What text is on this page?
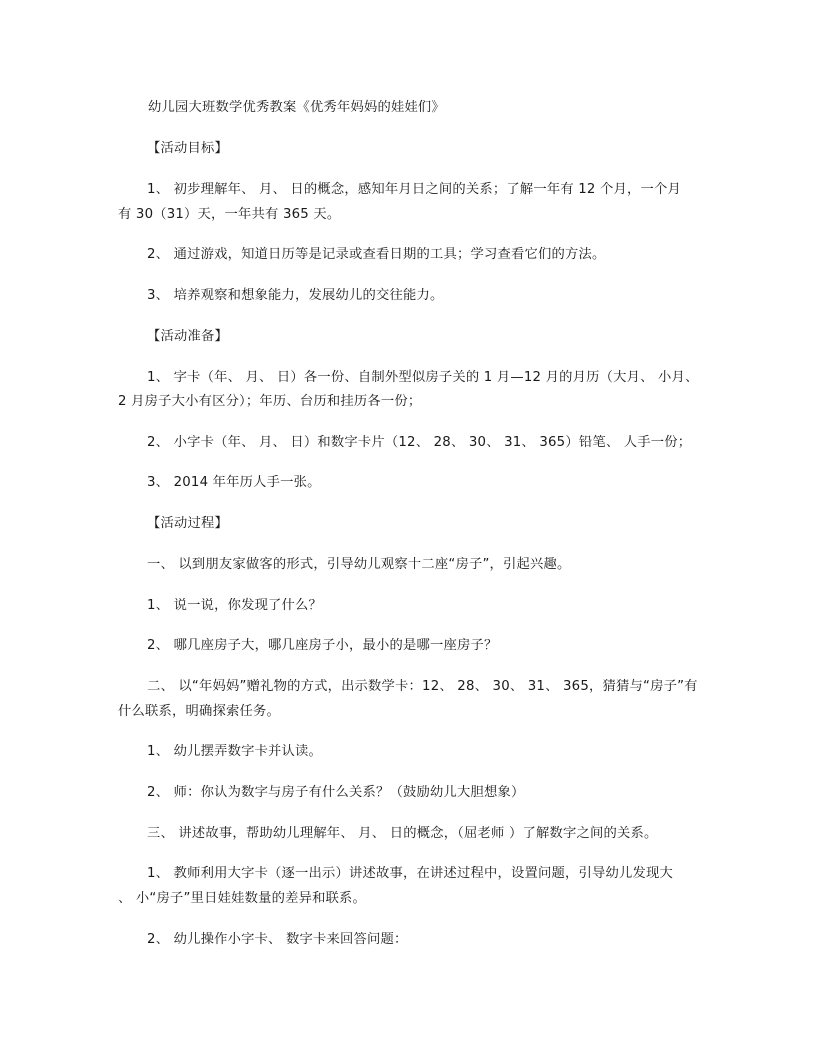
幼儿园大班数学优秀教案《优秀年妈妈的娃娃们》
【活动目标】
1、 初步理解年、 月、 日的概念，感知年月日之间的关系；了解一年有 12 个月，一个月
有 30（31）天，一年共有 365 天。
2、 通过游戏，知道日历等是记录或查看日期的工具；学习查看它们的方法。
3、 培养观察和想象能力，发展幼儿的交往能力。
【活动准备】
1、 字卡（年、 月、 日）各一份、自制外型似房子关的 1 月—12 月的月历（大月、 小月、
2 月房子大小有区分）；年历、台历和挂历各一份；
2、 小字卡（年、 月、 日）和数字卡片（12、 28、 30、 31、 365）铅笔、 人手一份；
3、 2014 年年历人手一张。
【活动过程】
一、 以到朋友家做客的形式，引导幼儿观察十二座“房子”，引起兴趣。
1、 说一说，你发现了什么？
2、 哪几座房子大，哪几座房子小，最小的是哪一座房子？
二、 以“年妈妈”赠礼物的方式，出示数学卡：12、 28、 30、 31、 365，猜猜与“房子”有
什么联系，明确探索任务。
1、 幼儿摆弄数字卡并认读。
2、 师：你认为数字与房子有什么关系？（鼓励幼儿大胆想象）
三、 讲述故事，帮助幼儿理解年、 月、 日的概念，（屈老师 ）了解数字之间的关系。
1、 教师利用大字卡（逐一出示）讲述故事，在讲述过程中，设置问题，引导幼儿发现大
、 小“房子”里日娃娃数量的差异和联系。
2、 幼儿操作小字卡、 数字卡来回答问题：
